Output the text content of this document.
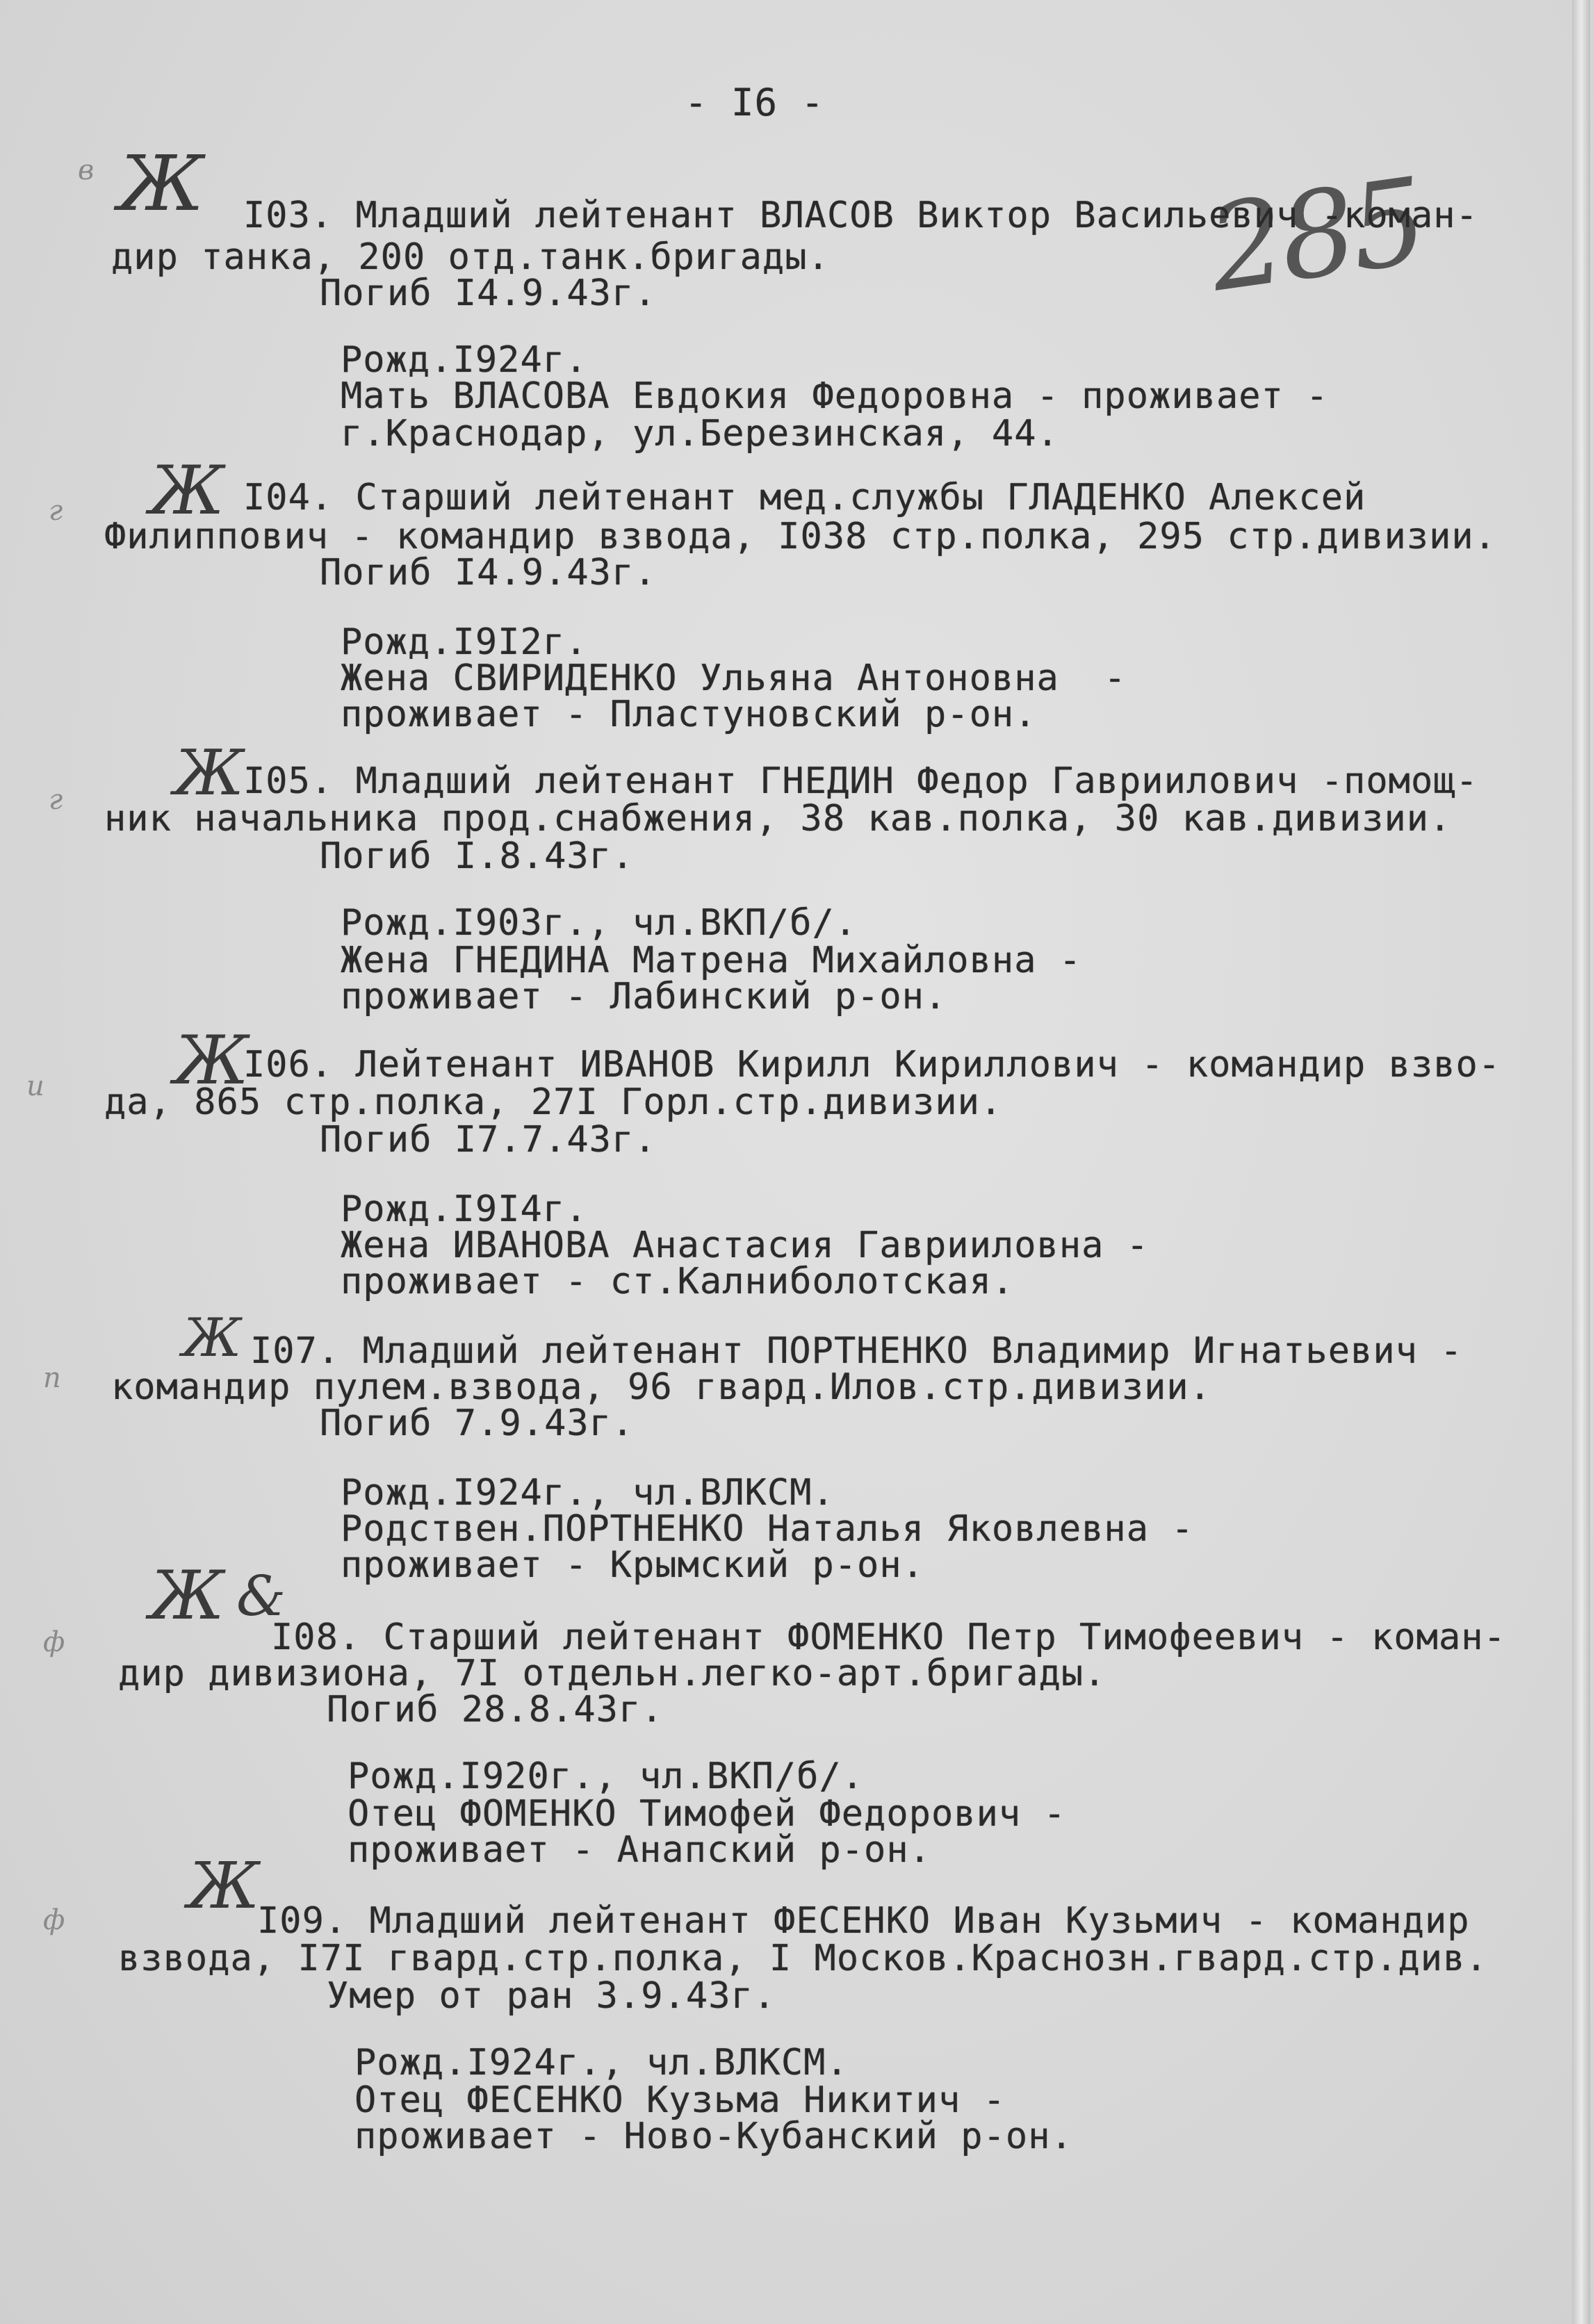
- I6 -
285
в Ж I03. Младший лейтенант ВЛАСОВ Виктор Васильевич -коман-
дир танка, 200 отд.танк.бригады.
Погиб I4.9.43г.
Рожд.I924г.
Мать ВЛАСОВА Евдокия Федоровна - проживает -
г.Краснодар, ул.Березинская, 44.
г Ж I04. Старший лейтенант мед.службы ГЛАДЕНКО Алексей
Филиппович - командир взвода, I038 стр.полка, 295 стр.дивизии.
Погиб I4.9.43г.
Рожд.I9I2г.
Жена СВИРИДЕНКО Ульяна Антоновна  -
проживает - Пластуновский р-он.
г Ж
I05. Младший лейтенант ГНЕДИН Федор Гавриилович -помощ-
ник начальника прод.снабжения, 38 кав.полка, 30 кав.дивизии.
Погиб I.8.43г.
Рожд.I903г., чл.ВКП/б/.
Жена ГНЕДИНА Матрена Михайловна -
проживает - Лабинский р-он.
и Ж
I06. Лейтенант ИВАНОВ Кирилл Кириллович - командир взво-
да, 865 стр.полка, 27I Горл.стр.дивизии.
Погиб I7.7.43г.
Рожд.I9I4г.
Жена ИВАНОВА Анастасия Гаврииловна -
проживает - ст.Калниболотская.
п
Ж I07. Младший лейтенант ПОРТНЕНКО Владимир Игнатьевич -
командир пулем.взвода, 96 гвард.Илов.стр.дивизии.
Погиб 7.9.43г.
Рожд.I924г., чл.ВЛКСМ.
Родствен.ПОРТНЕНКО Наталья Яковлевна -
проживает - Крымский р-он.
ф
Ж &
I08. Старший лейтенант ФОМЕНКО Петр Тимофеевич - коман-
дир дивизиона, 7I отдельн.легко-арт.бригады.
Погиб 28.8.43г.
Рожд.I920г., чл.ВКП/б/.
Отец ФОМЕНКО Тимофей Федорович -
проживает - Анапский р-он.
ф Ж
I09. Младший лейтенант ФЕСЕНКО Иван Кузьмич - командир
взвода, I7I гвард.стр.полка, I Москов.Краснозн.гвард.стр.див.
Умер от ран 3.9.43г.
Рожд.I924г., чл.ВЛКСМ.
Отец ФЕСЕНКО Кузьма Никитич -
проживает - Ново-Кубанский р-он.
